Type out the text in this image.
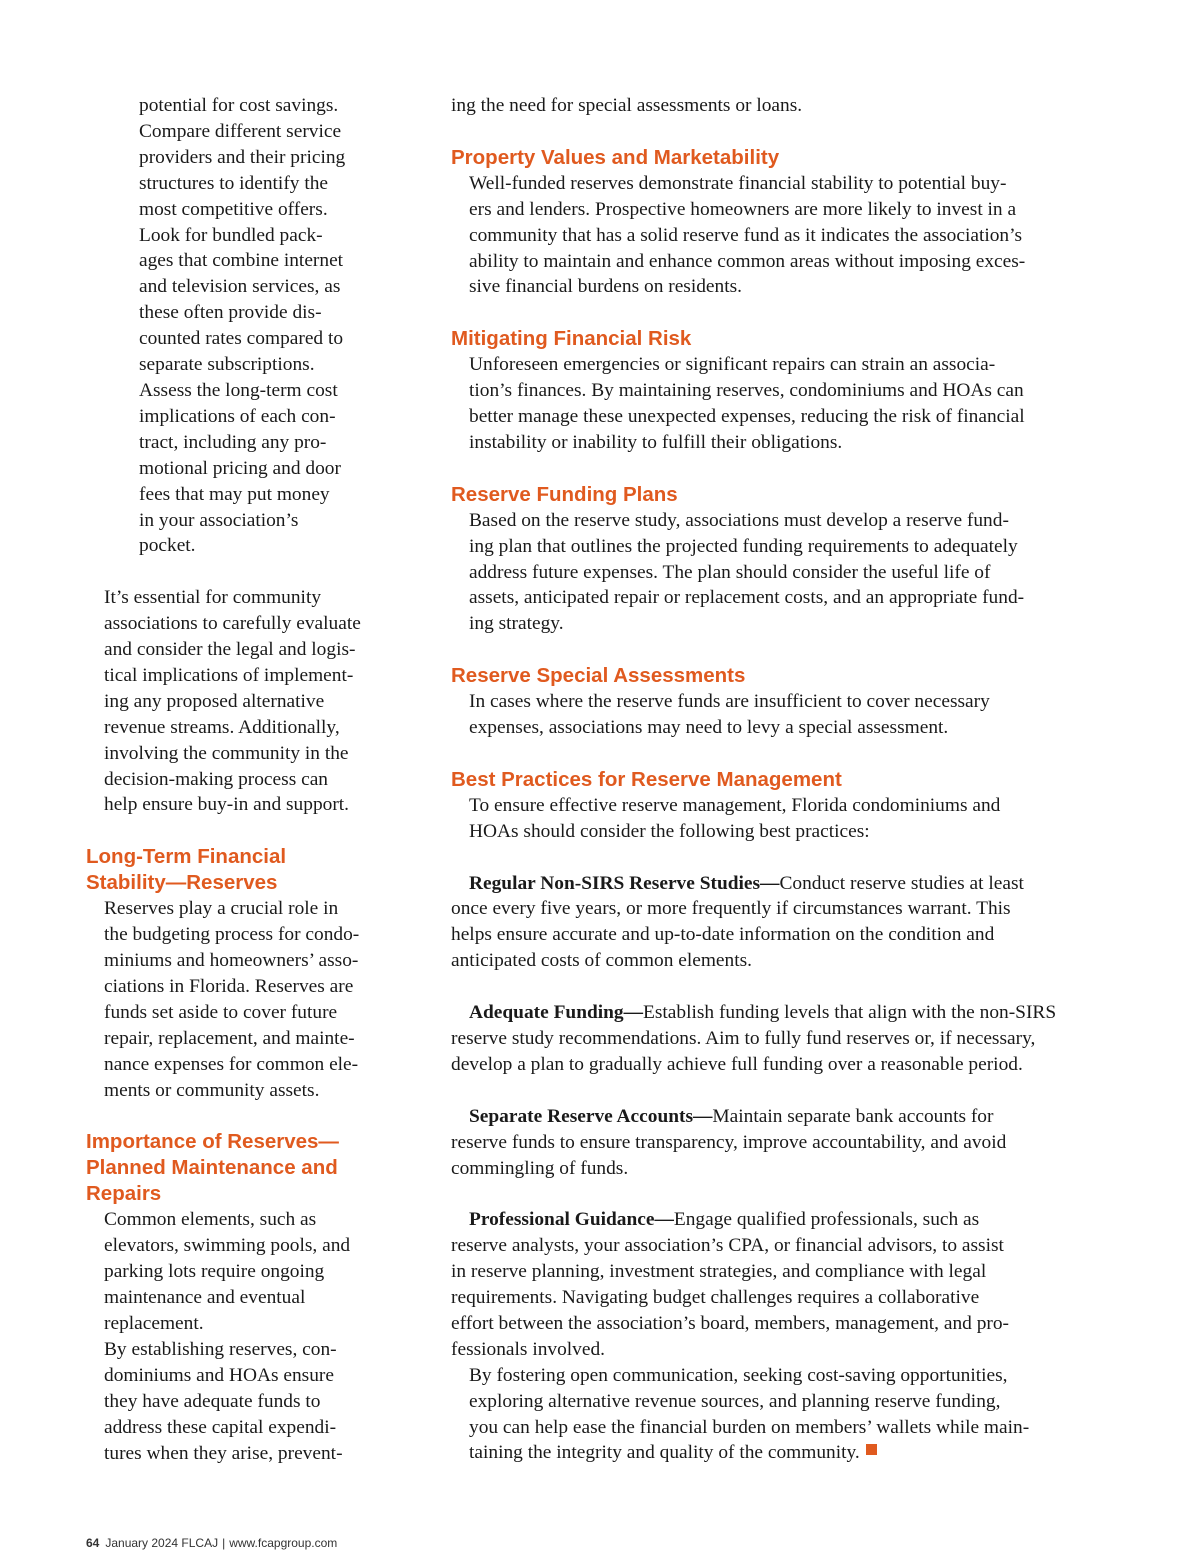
potential for cost savings.
Compare different service
providers and their pricing
structures to identify the
most competitive offers.
Look for bundled pack-
ages that combine internet
and television services, as
these often provide dis-
counted rates compared to
separate subscriptions.
Assess the long-term cost
implications of each con-
tract, including any pro-
motional pricing and door
fees that may put money
in your association’s
pocket.
It’s essential for community
associations to carefully evaluate
and consider the legal and logis-
tical implications of implement-
ing any proposed alternative
revenue streams. Additionally,
involving the community in the
decision-making process can
help ensure buy-in and support.
Long-Term Financial
Stability—Reserves
Reserves play a crucial role in
the budgeting process for condo-
miniums and homeowners’ asso-
ciations in Florida. Reserves are
funds set aside to cover future
repair, replacement, and mainte-
nance expenses for common ele-
ments or community assets.
Importance of Reserves—
Planned Maintenance and
Repairs
Common elements, such as
elevators, swimming pools, and
parking lots require ongoing
maintenance and eventual
replacement.
By establishing reserves, con-
dominiums and HOAs ensure
they have adequate funds to
address these capital expendi-
tures when they arise, prevent-
ing the need for special assessments or loans.
Property Values and Marketability
Well-funded reserves demonstrate financial stability to potential buy-
ers and lenders. Prospective homeowners are more likely to invest in a
community that has a solid reserve fund as it indicates the association’s
ability to maintain and enhance common areas without imposing exces-
sive financial burdens on residents.
Mitigating Financial Risk
Unforeseen emergencies or significant repairs can strain an associa-
tion’s finances. By maintaining reserves, condominiums and HOAs can
better manage these unexpected expenses, reducing the risk of financial
instability or inability to fulfill their obligations.
Reserve Funding Plans
Based on the reserve study, associations must develop a reserve fund-
ing plan that outlines the projected funding requirements to adequately
address future expenses. The plan should consider the useful life of
assets, anticipated repair or replacement costs, and an appropriate fund-
ing strategy.
Reserve Special Assessments
In cases where the reserve funds are insufficient to cover necessary
expenses, associations may need to levy a special assessment.
Best Practices for Reserve Management
To ensure effective reserve management, Florida condominiums and
HOAs should consider the following best practices:
Regular Non-SIRS Reserve Studies—Conduct reserve studies at least
once every five years, or more frequently if circumstances warrant. This
helps ensure accurate and up-to-date information on the condition and
anticipated costs of common elements.
Adequate Funding—Establish funding levels that align with the non-SIRS
reserve study recommendations. Aim to fully fund reserves or, if necessary,
develop a plan to gradually achieve full funding over a reasonable period.
Separate Reserve Accounts—Maintain separate bank accounts for
reserve funds to ensure transparency, improve accountability, and avoid
commingling of funds.
Professional Guidance—Engage qualified professionals, such as
reserve analysts, your association’s CPA, or financial advisors, to assist
in reserve planning, investment strategies, and compliance with legal
requirements. Navigating budget challenges requires a collaborative
effort between the association’s board, members, management, and pro-
fessionals involved.
By fostering open communication, seeking cost-saving opportunities,
exploring alternative revenue sources, and planning reserve funding,
you can help ease the financial burden on members’ wallets while main-
taining the integrity and quality of the community.
64 January 2024 FLCAJ | www.fcapgroup.com
